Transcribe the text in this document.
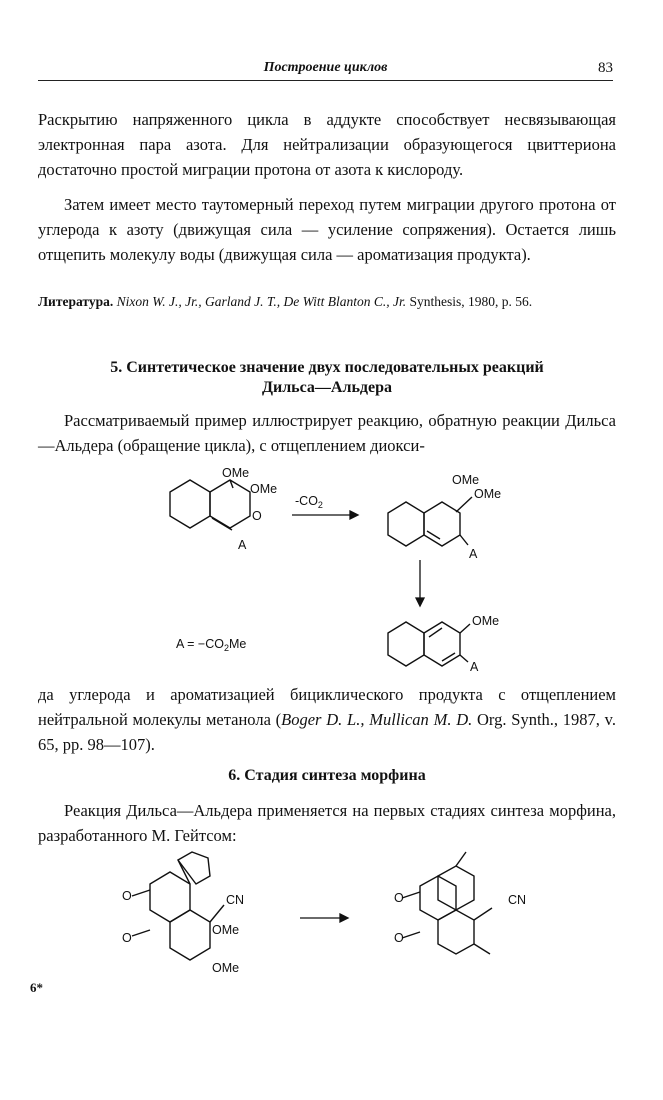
Построение циклов	83
Раскрытию напряженного цикла в аддукте способствует несвязывающая электронная пара азота. Для нейтрализации образующегося цвиттериона достаточно простой миграции протона от азота к кислороду.
Затем имеет место таутомерный переход путем миграции другого протона от углерода к азоту (движущая сила — усиление сопряжения). Остается лишь отщепить молекулу воды (движущая сила — ароматизация продукта).
Литература. Nixon W. J., Jr., Garland J. T., De Witt Blanton C., Jr. Synthesis, 1980, p. 56.
5. Синтетическое значение двух последовательных реакций
Дильса—Альдера
Рассматриваемый пример иллюстрирует реакцию, обратную реакции Дильса—Альдера (обращение цикла), с отщеплением диокси-
OMe
OMe
O
A
$-CO_2$
OMe
OMe
A
OMe
A
$A = -CO_2Me$
да углерода и ароматизацией бициклического продукта с отщеплением нейтральной молекулы метанола (Boger D. L., Mullican M. D. Org. Synth., 1987, v. 65, pp. 98—107).
6. Стадия синтеза морфина
Реакция Дильса—Альдера применяется на первых стадиях синтеза морфина, разработанного М. Гейтсом:
CN
OMe
OMe
O
O
CN
O
O
6*
